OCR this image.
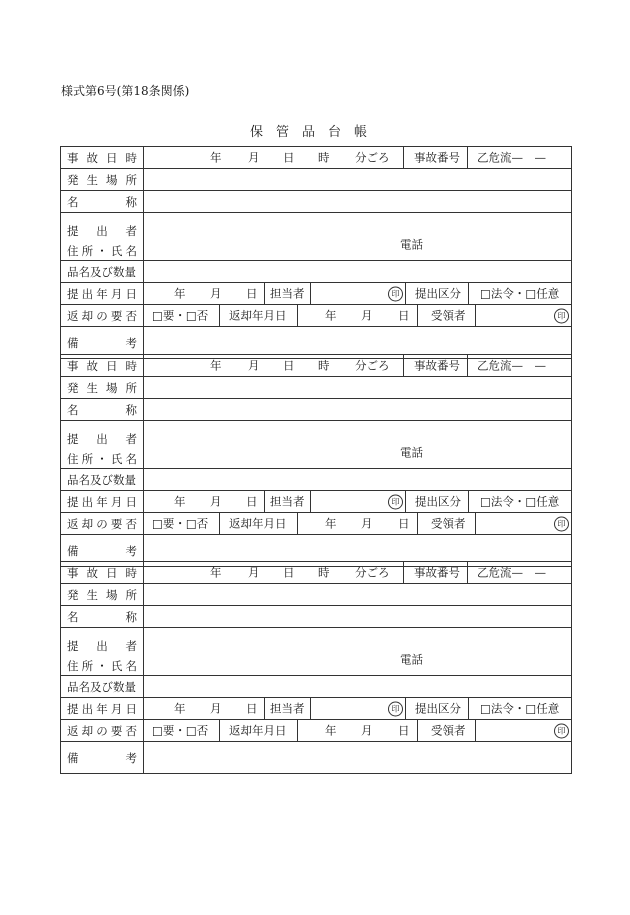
様式第6号(第18条関係)
保管品台帳
事 故 日 時	年 月 日 時 分ごろ 事故番号 乙危流—　—
発 生 場 所
名	称
提 出 者
住 所 ・ 氏 名	電話
品名及び数量
提 出 年 月 日	年 月 日 担当者	印	提出区分 □法令・□任意
返 却 の 要 否 □要・□否 返却年月日	年 月 日 受領者	印
備	考
事 故 日 時	年 月 日 時 分ごろ 事故番号 乙危流—　—
発 生 場 所
名	称
提 出 者
住 所 ・ 氏 名	電話
品名及び数量
提 出 年 月 日	年 月 日 担当者	印	提出区分 □法令・□任意
返 却 の 要 否 □要・□否 返却年月日	年 月 日 受領者	印
備	考
事 故 日 時	年 月 日 時 分ごろ 事故番号 乙危流—　—
発 生 場 所
名	称
提 出 者
住 所 ・ 氏 名	電話
品名及び数量
提 出 年 月 日	年 月 日 担当者	印	提出区分 □法令・□任意
返 却 の 要 否 □要・□否 返却年月日	年 月 日 受領者	印
備	考
